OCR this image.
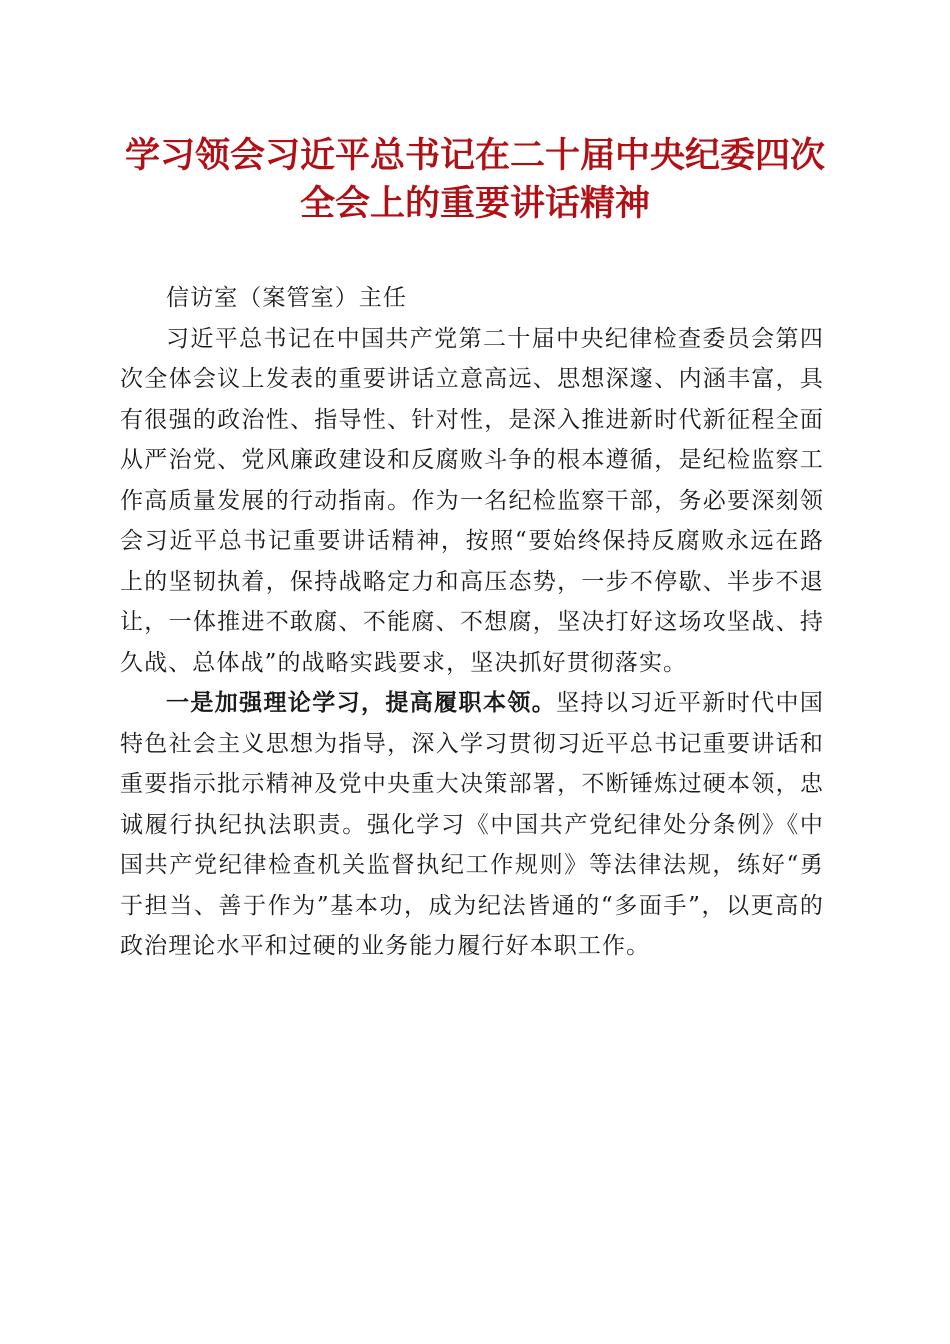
学习领会习近平总书记在二十届中央纪委四次
全会上的重要讲话精神

信访室（案管室）主任

习近平总书记在中国共产党第二十届中央纪律检查委员会第四次全体会议上发表的重要讲话立意高远、思想深邃、内涵丰富，具有很强的政治性、指导性、针对性，是深入推进新时代新征程全面从严治党、党风廉政建设和反腐败斗争的根本遵循，是纪检监察工作高质量发展的行动指南。作为一名纪检监察干部，务必要深刻领会习近平总书记重要讲话精神，按照“要始终保持反腐败永远在路上的坚韧执着，保持战略定力和高压态势，一步不停歇、半步不退让，一体推进不敢腐、不能腐、不想腐，坚决打好这场攻坚战、持久战、总体战”的战略实践要求，坚决抓好贯彻落实。

一是加强理论学习，提高履职本领。坚持以习近平新时代中国特色社会主义思想为指导，深入学习贯彻习近平总书记重要讲话和重要指示批示精神及党中央重大决策部署，不断锤炼过硬本领，忠诚履行执纪执法职责。强化学习《中国共产党纪律处分条例》《中国共产党纪律检查机关监督执纪工作规则》等法律法规，练好“勇于担当、善于作为”基本功，成为纪法皆通的“多面手”，以更高的政治理论水平和过硬的业务能力履行好本职工作。
